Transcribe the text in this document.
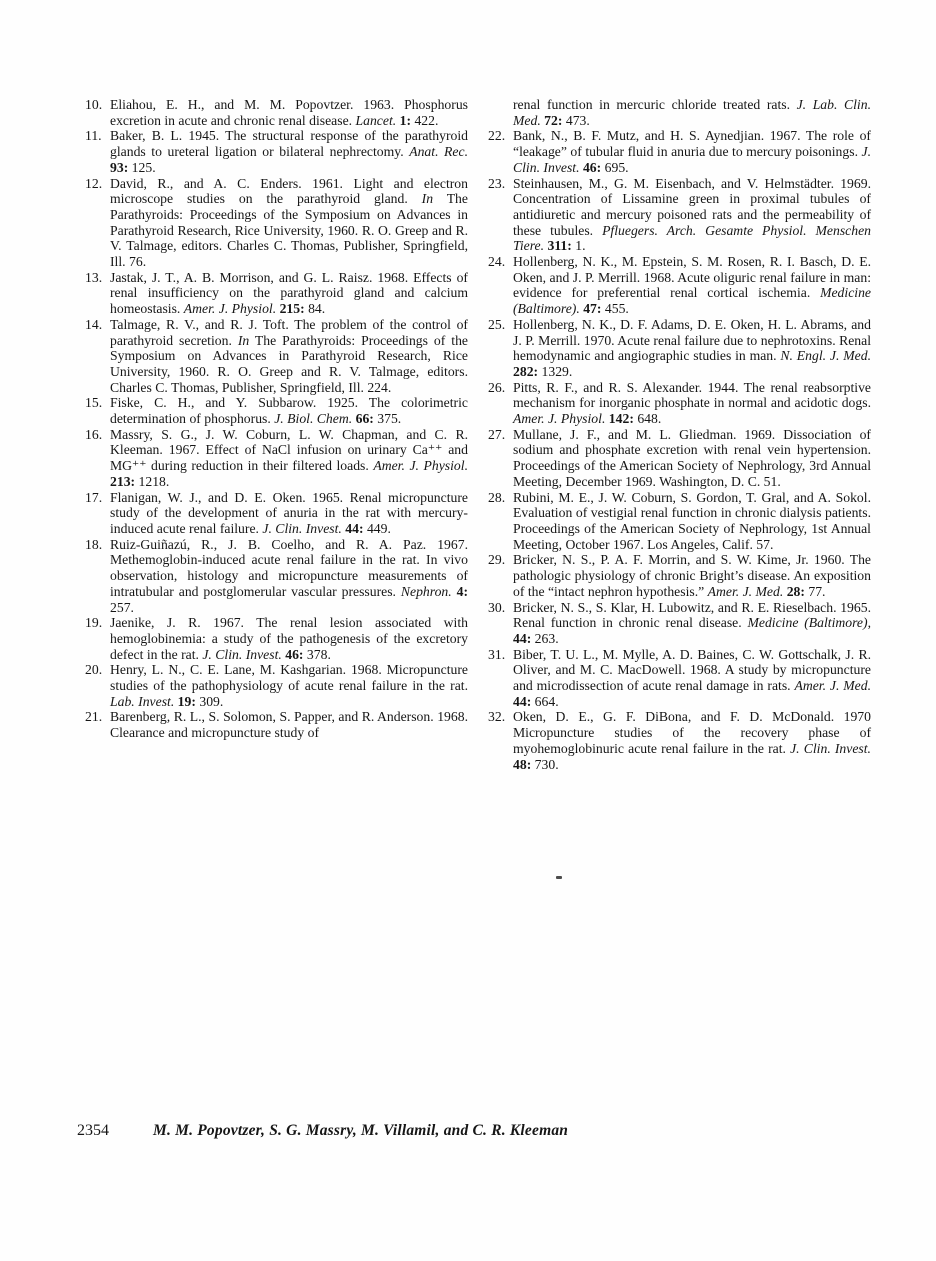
10. Eliahou, E. H., and M. M. Popovtzer. 1963. Phosphorus excretion in acute and chronic renal disease. Lancet. 1: 422.

11. Baker, B. L. 1945. The structural response of the parathyroid glands to ureteral ligation or bilateral nephrectomy. Anat. Rec. 93: 125.

12. David, R., and A. C. Enders. 1961. Light and electron microscope studies on the parathyroid gland. In The Parathyroids: Proceedings of the Symposium on Advances in Parathyroid Research, Rice University, 1960. R. O. Greep and R. V. Talmage, editors. Charles C. Thomas, Publisher, Springfield, Ill. 76.

13. Jastak, J. T., A. B. Morrison, and G. L. Raisz. 1968. Effects of renal insufficiency on the parathyroid gland and calcium homeostasis. Amer. J. Physiol. 215: 84.

14. Talmage, R. V., and R. J. Toft. The problem of the control of parathyroid secretion. In The Parathyroids: Proceedings of the Symposium on Advances in Parathyroid Research, Rice University, 1960. R. O. Greep and R. V. Talmage, editors. Charles C. Thomas, Publisher, Springfield, Ill. 224.

15. Fiske, C. H., and Y. Subbarow. 1925. The colorimetric determination of phosphorus. J. Biol. Chem. 66: 375.

16. Massry, S. G., J. W. Coburn, L. W. Chapman, and C. R. Kleeman. 1967. Effect of NaCl infusion on urinary Ca⁺⁺ and MG⁺⁺ during reduction in their filtered loads. Amer. J. Physiol. 213: 1218.

17. Flanigan, W. J., and D. E. Oken. 1965. Renal micropuncture study of the development of anuria in the rat with mercury-induced acute renal failure. J. Clin. Invest. 44: 449.

18. Ruiz-Guiñazú, R., J. B. Coelho, and R. A. Paz. 1967. Methemoglobin-induced acute renal failure in the rat. In vivo observation, histology and micropuncture measurements of intratubular and postglomerular vascular pressures. Nephron. 4: 257.

19. Jaenike, J. R. 1967. The renal lesion associated with hemoglobinemia: a study of the pathogenesis of the excretory defect in the rat. J. Clin. Invest. 46: 378.

20. Henry, L. N., C. E. Lane, M. Kashgarian. 1968. Micropuncture studies of the pathophysiology of acute renal failure in the rat. Lab. Invest. 19: 309.

21. Barenberg, R. L., S. Solomon, S. Papper, and R. Anderson. 1968. Clearance and micropuncture study of

renal function in mercuric chloride treated rats. J. Lab. Clin. Med. 72: 473.

22. Bank, N., B. F. Mutz, and H. S. Aynedjian. 1967. The role of “leakage” of tubular fluid in anuria due to mercury poisonings. J. Clin. Invest. 46: 695.

23. Steinhausen, M., G. M. Eisenbach, and V. Helmstädter. 1969. Concentration of Lissamine green in proximal tubules of antidiuretic and mercury poisoned rats and the permeability of these tubules. Pfluegers. Arch. Gesamte Physiol. Menschen Tiere. 311: 1.

24. Hollenberg, N. K., M. Epstein, S. M. Rosen, R. I. Basch, D. E. Oken, and J. P. Merrill. 1968. Acute oliguric renal failure in man: evidence for preferential renal cortical ischemia. Medicine (Baltimore). 47: 455.

25. Hollenberg, N. K., D. F. Adams, D. E. Oken, H. L. Abrams, and J. P. Merrill. 1970. Acute renal failure due to nephrotoxins. Renal hemodynamic and angiographic studies in man. N. Engl. J. Med. 282: 1329.

26. Pitts, R. F., and R. S. Alexander. 1944. The renal reabsorptive mechanism for inorganic phosphate in normal and acidotic dogs. Amer. J. Physiol. 142: 648.

27. Mullane, J. F., and M. L. Gliedman. 1969. Dissociation of sodium and phosphate excretion with renal vein hypertension. Proceedings of the American Society of Nephrology, 3rd Annual Meeting, December 1969. Washington, D. C. 51.

28. Rubini, M. E., J. W. Coburn, S. Gordon, T. Gral, and A. Sokol. Evaluation of vestigial renal function in chronic dialysis patients. Proceedings of the American Society of Nephrology, 1st Annual Meeting, October 1967. Los Angeles, Calif. 57.

29. Bricker, N. S., P. A. F. Morrin, and S. W. Kime, Jr. 1960. The pathologic physiology of chronic Bright’s disease. An exposition of the “intact nephron hypothesis.” Amer. J. Med. 28: 77.

30. Bricker, N. S., S. Klar, H. Lubowitz, and R. E. Rieselbach. 1965. Renal function in chronic renal disease. Medicine (Baltimore), 44: 263.

31. Biber, T. U. L., M. Mylle, A. D. Baines, C. W. Gottschalk, J. R. Oliver, and M. C. MacDowell. 1968. A study by micropuncture and microdissection of acute renal damage in rats. Amer. J. Med. 44: 664.

32. Oken, D. E., G. F. DiBona, and F. D. McDonald. 1970 Micropuncture studies of the recovery phase of myohemoglobinuric acute renal failure in the rat. J. Clin. Invest. 48: 730.

2354	M. M. Popovtzer, S. G. Massry, M. Villamil, and C. R. Kleeman
